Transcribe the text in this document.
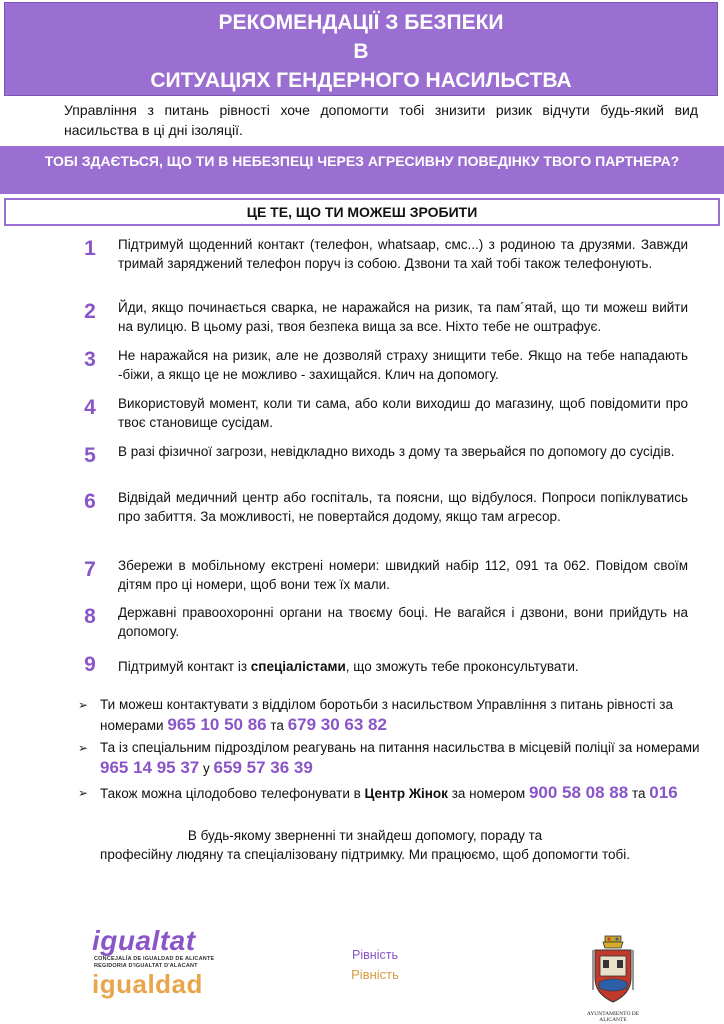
РЕКОМЕНДАЦІЇ З БЕЗПЕКИ
В
СИТУАЦІЯХ ГЕНДЕРНОГО НАСИЛЬСТВА
Управління з питань рівності хоче допомогти тобі знизити ризик відчути будь-який вид насильства в ці дні ізоляції.
ТОБІ ЗДАЄТЬСЯ, ЩО ТИ В НЕБЕЗПЕЦІ ЧЕРЕЗ АГРЕСИВНУ ПОВЕДІНКУ ТВОГО ПАРТНЕРА?
ЦЕ ТЕ, ЩО ТИ МОЖЕШ ЗРОБИТИ
1	Підтримуй щоденний контакт (телефон, whatsaap, смс...) з родиною та друзями. Завжди тримай заряджений телефон поруч із собою. Дзвони та хай тобі також телефонують.
2	Йди, якщо починається сварка, не наражайся на ризик, та пам´ятай, що ти можеш вийти на вулицю. В цьому разі, твоя безпека вища за все. Ніхто тебе не оштрафує.
3	Не наражайся на ризик, але не дозволяй страху знищити тебе. Якщо на тебе нападають -біжи, а якщо це не можливо - захищайся. Клич на допомогу.
4	Використовуй момент, коли ти сама, або коли виходиш до магазину, щоб повідомити про твоє становище сусідам.
5	В разі фізичної загрози, невідкладно виходь з дому та зверьайся по допомогу до сусідів.
6	Відвідай медичний центр або госпіталь, та поясни, що відбулося. Попроси попіклуватись про забиття. За можливості, не повертайся додому, якщо там агресор.
7	Збережи в мобільному екстрені номери: швидкий набір 112, 091 та 062. Повідом своїм дітям про ці номери, щоб вони теж їх мали.
8	Державні правоохоронні органи на твоєму боці. Не вагайся і дзвони, вони прийдуть на допомогу.
9	Підтримуй контакт із спеціалістами, що зможуть тебе проконсультувати.
➢ Ти можеш контактувати з відділом боротьби з насильством Управління з питань рівності за номерами 965 10 50 86 та 679 30 63 82
➢ Та із спеціальним підрозділом реагувань на питання насильства в місцевій поліції за номерами 965 14 95 37 у 659 57 36 39
➢ Також можна цілодобово телефонувати в Центр Жінок за номером 900 58 08 88 та 016
В будь-якому зверненні ти знайдеш допомогу, пораду та
професійну людяну та спеціалізовану підтримку. Ми працюємо, щоб допомогти тобі.
igualtat
CONCEJALÍA DE IGUALDAD DE ALICANTE
REGIDORIA D'IGUALTAT D'ALACANT
igualdad
Рівність
Рівність
AYUNTAMIENTO DE ALICANTE
